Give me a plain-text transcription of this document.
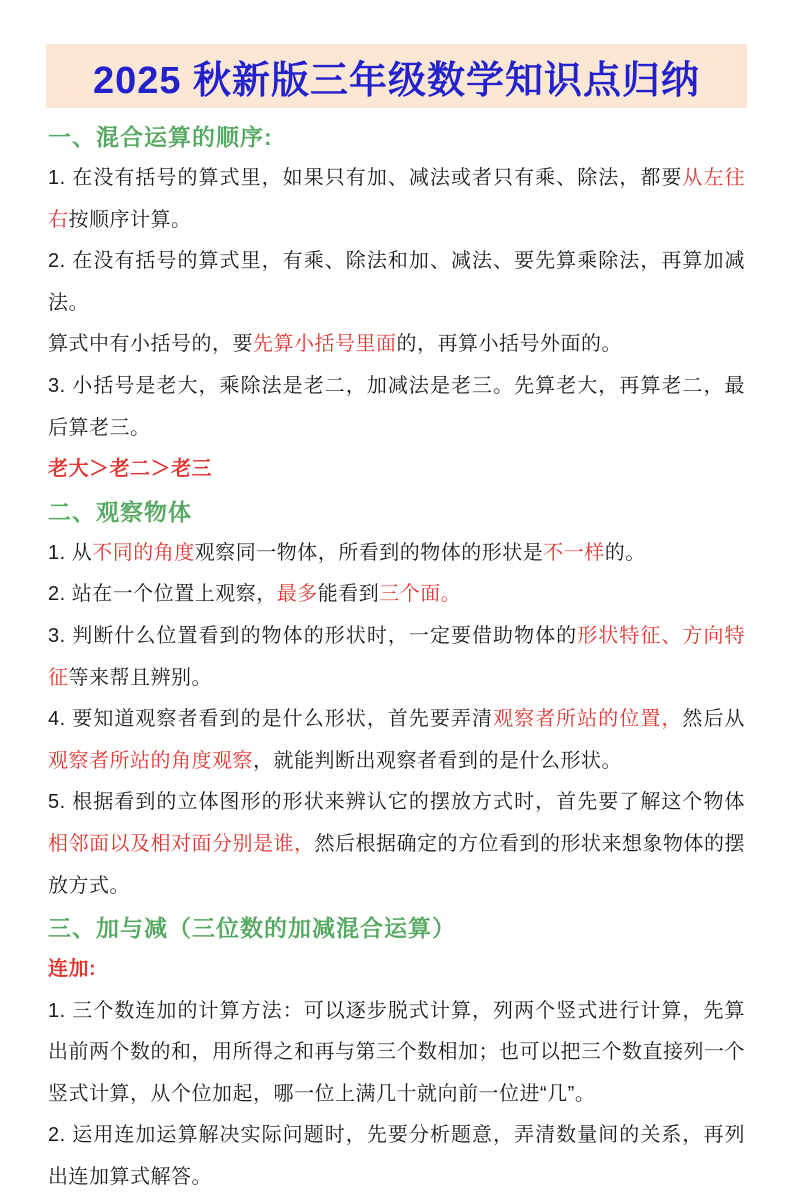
2025 秋新版三年级数学知识点归纳
一、混合运算的顺序:

1. 在没有括号的算式里，如果只有加、减法或者只有乘、除法，都要从左往右按顺序计算。

2. 在没有括号的算式里，有乘、除法和加、减法、要先算乘除法，再算加减法。

算式中有小括号的，要先算小括号里面的，再算小括号外面的。

3. 小括号是老大，乘除法是老二，加减法是老三。先算老大，再算老二，最后算老三。

老大＞老二＞老三

二、观察物体

1. 从不同的角度观察同一物体，所看到的物体的形状是不一样的。

2. 站在一个位置上观察，最多能看到三个面。

3. 判断什么位置看到的物体的形状时，一定要借助物体的形状特征、方向特征等来帮且辨别。

4. 要知道观察者看到的是什么形状，首先要弄清观察者所站的位置，然后从观察者所站的角度观察，就能判断出观察者看到的是什么形状。

5. 根据看到的立体图形的形状来辨认它的摆放方式时，首先要了解这个物体相邻面以及相对面分别是谁，然后根据确定的方位看到的形状来想象物体的摆放方式。

三、加与减（三位数的加减混合运算）

连加:

1. 三个数连加的计算方法：可以逐步脱式计算，列两个竖式进行计算，先算出前两个数的和，用所得之和再与第三个数相加；也可以把三个数直接列一个竖式计算，从个位加起，哪一位上满几十就向前一位进“几”。

2. 运用连加运算解决实际问题时，先要分析题意，弄清数量间的关系，再列出连加算式解答。
